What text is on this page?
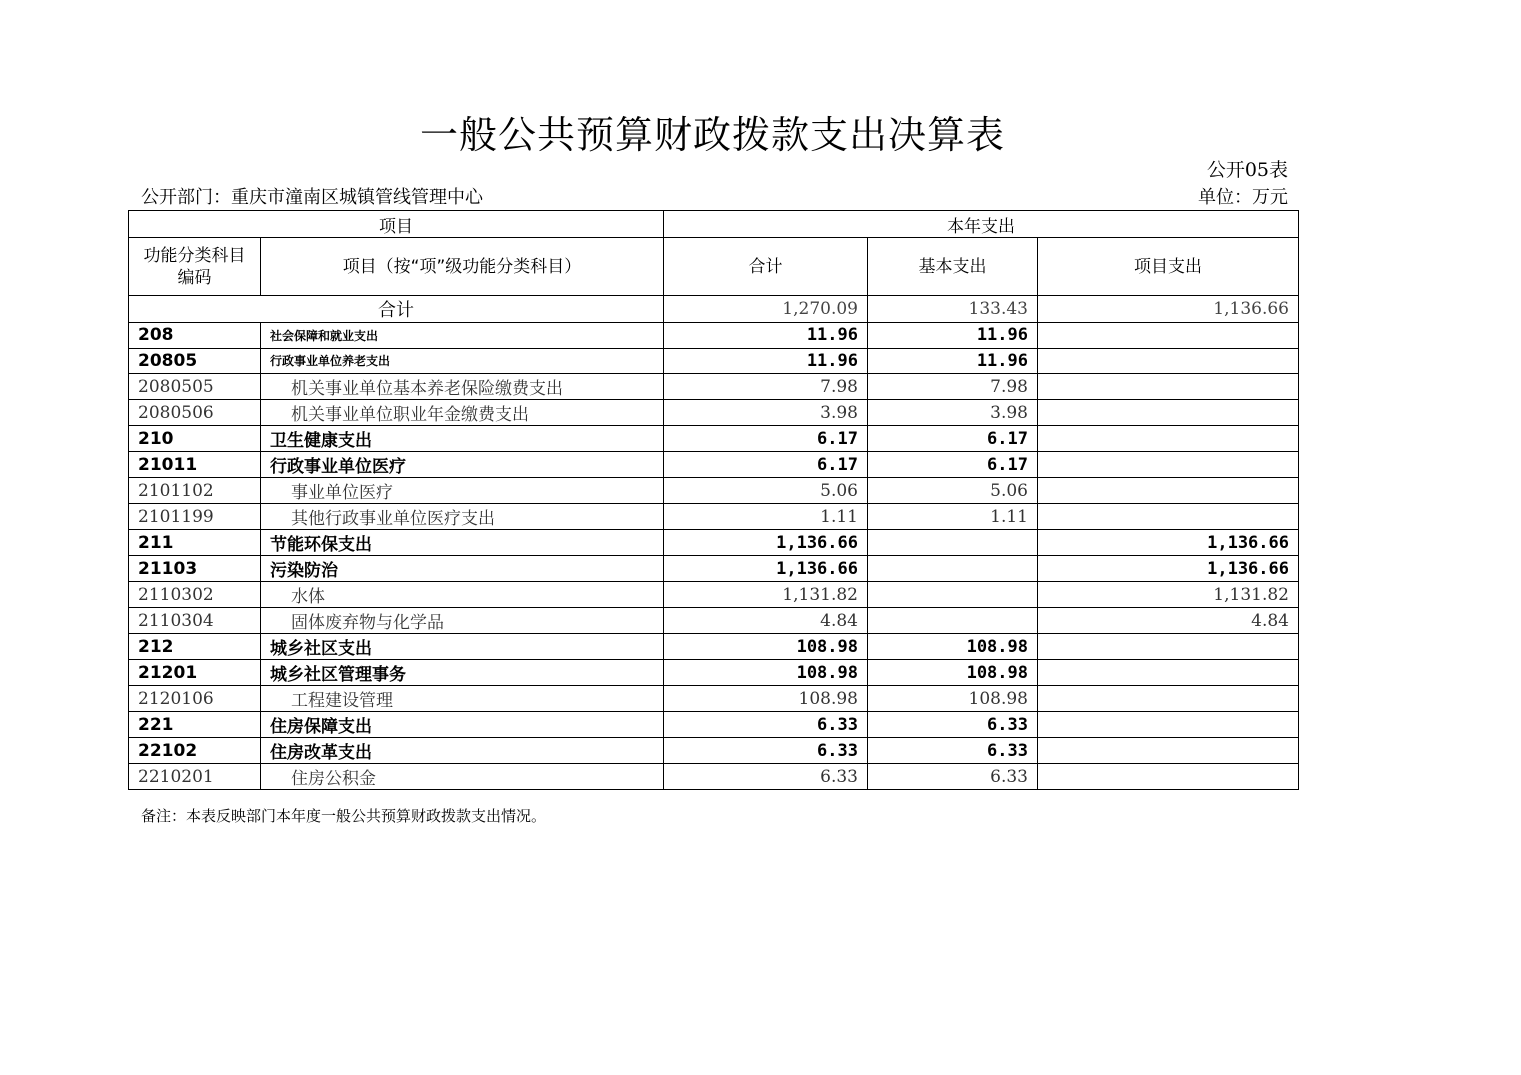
一般公共预算财政拨款支出决算表
公开05表
公开部门：重庆市潼南区城镇管线管理中心	单位：万元
项目		本年支出		
功能分类科目编码	项目（按“项”级功能分类科目）	合计	基本支出	项目支出
合计		1,270.09	133.43	1,136.66
208	社会保障和就业支出	11.96	11.96	
20805	行政事业单位养老支出	11.96	11.96	
2080505	机关事业单位基本养老保险缴费支出	7.98	7.98	
2080506	机关事业单位职业年金缴费支出	3.98	3.98	
210	卫生健康支出	6.17	6.17	
21011	行政事业单位医疗	6.17	6.17	
2101102	事业单位医疗	5.06	5.06	
2101199	其他行政事业单位医疗支出	1.11	1.11	
211	节能环保支出	1,136.66		1,136.66
21103	污染防治	1,136.66		1,136.66
2110302	水体	1,131.82		1,131.82
2110304	固体废弃物与化学品	4.84		4.84
212	城乡社区支出	108.98	108.98	
21201	城乡社区管理事务	108.98	108.98	
2120106	工程建设管理	108.98	108.98	
221	住房保障支出	6.33	6.33	
22102	住房改革支出	6.33	6.33	
2210201	住房公积金	6.33	6.33	
备注：本表反映部门本年度一般公共预算财政拨款支出情况。
